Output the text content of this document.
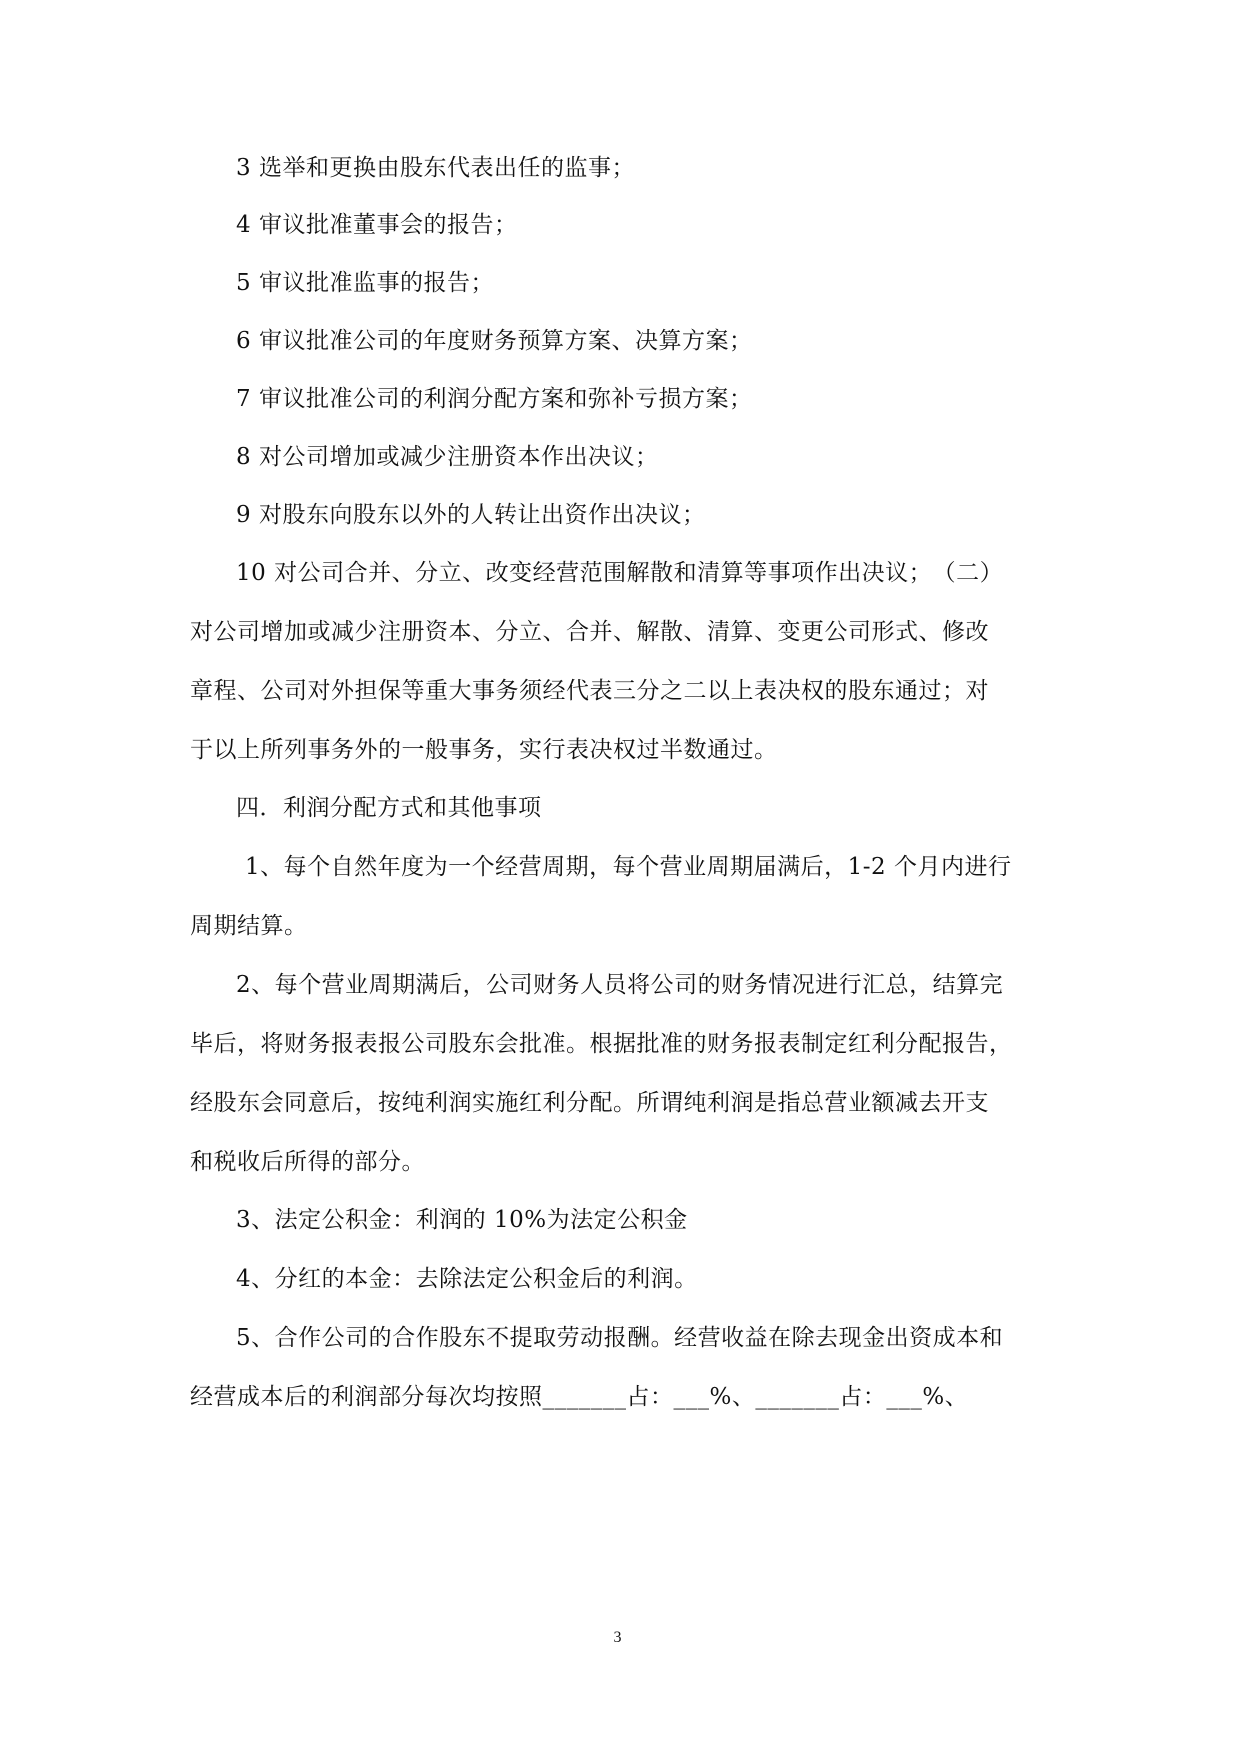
3 选举和更换由股东代表出任的监事；
4 审议批准董事会的报告；
5 审议批准监事的报告；
6 审议批准公司的年度财务预算方案、决算方案；
7 审议批准公司的利润分配方案和弥补亏损方案；
8 对公司增加或减少注册资本作出决议；
9 对股东向股东以外的人转让出资作出决议；
10 对公司合并、分立、改变经营范围解散和清算等事项作出决议；　（二）
对公司增加或减少注册资本、分立、合并、解散、清算、变更公司形式、修改
章程、公司对外担保等重大事务须经代表三分之二以上表决权的股东通过；对
于以上所列事务外的一般事务，实行表决权过半数通过。
四．利润分配方式和其他事项
1、每个自然年度为一个经营周期，每个营业周期届满后，1-2 个月内进行
周期结算。
2、每个营业周期满后，公司财务人员将公司的财务情况进行汇总，结算完
毕后，将财务报表报公司股东会批准。根据批准的财务报表制定红利分配报告，
经股东会同意后，按纯利润实施红利分配。所谓纯利润是指总营业额减去开支
和税收后所得的部分。
3、法定公积金：利润的 10%为法定公积金
4、分红的本金：去除法定公积金后的利润。
5、合作公司的合作股东不提取劳动报酬。经营收益在除去现金出资成本和
经营成本后的利润部分每次均按照_______占：___%、_______占：___%、
3
